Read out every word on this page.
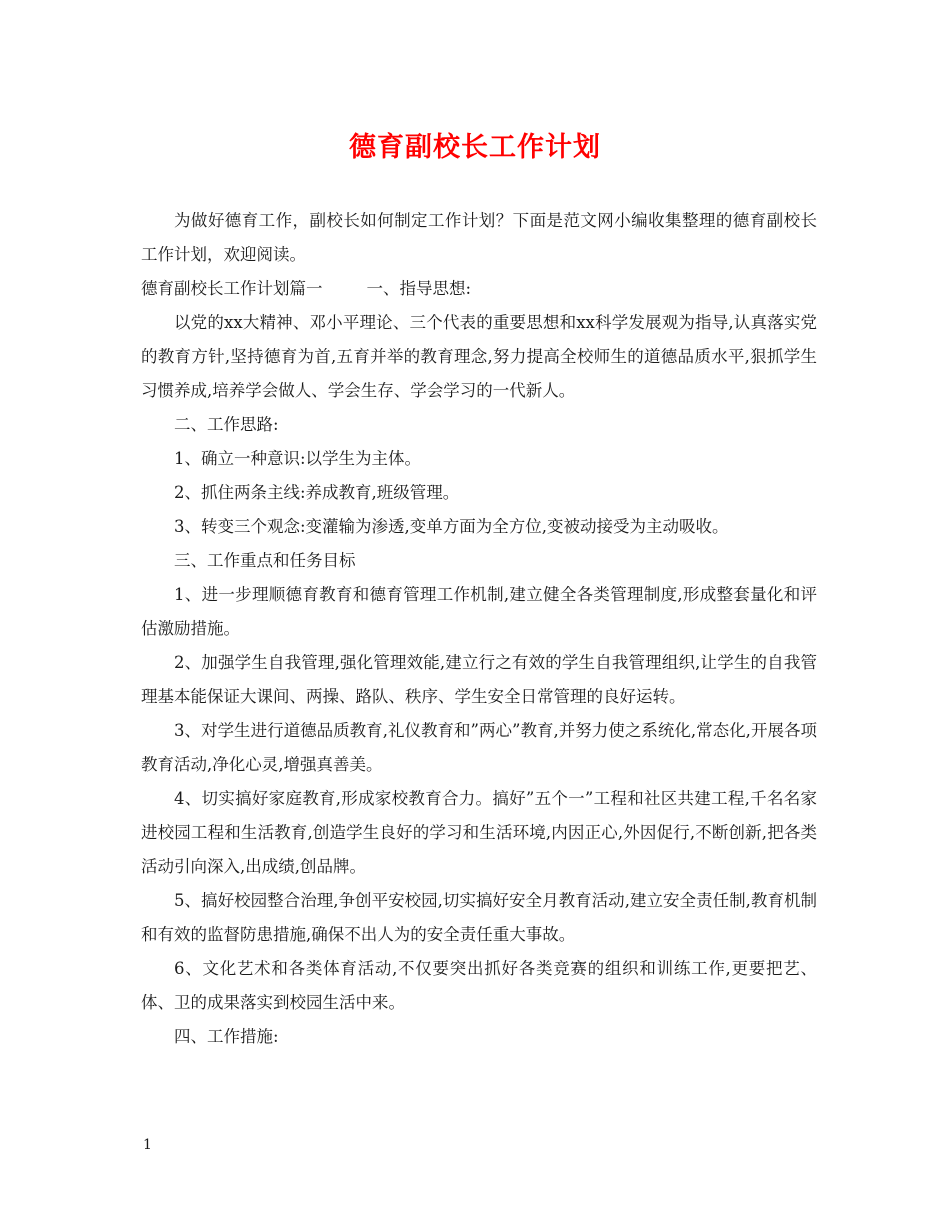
德育副校长工作计划

为做好德育工作，副校长如何制定工作计划？下面是范文网小编收集整理的德育副校长工作计划，欢迎阅读。

德育副校长工作计划篇一	一、指导思想:

以党的xx大精神、邓小平理论、三个代表的重要思想和xx科学发展观为指导,认真落实党的教育方针,坚持德育为首,五育并举的教育理念,努力提高全校师生的道德品质水平,狠抓学生习惯养成,培养学会做人、学会生存、学会学习的一代新人。

二、工作思路:

1、确立一种意识:以学生为主体。

2、抓住两条主线:养成教育,班级管理。

3、转变三个观念:变灌输为渗透,变单方面为全方位,变被动接受为主动吸收。

三、工作重点和任务目标

1、进一步理顺德育教育和德育管理工作机制,建立健全各类管理制度,形成整套量化和评估激励措施。

2、加强学生自我管理,强化管理效能,建立行之有效的学生自我管理组织,让学生的自我管理基本能保证大课间、两操、路队、秩序、学生安全日常管理的良好运转。

3、对学生进行道德品质教育,礼仪教育和”两心”教育,并努力使之系统化,常态化,开展各项教育活动,净化心灵,增强真善美。

4、切实搞好家庭教育,形成家校教育合力。搞好”五个一”工程和社区共建工程,千名名家进校园工程和生活教育,创造学生良好的学习和生活环境,内因正心,外因促行,不断创新,把各类活动引向深入,出成绩,创品牌。

5、搞好校园整合治理,争创平安校园,切实搞好安全月教育活动,建立安全责任制,教育机制和有效的监督防患措施,确保不出人为的安全责任重大事故。

6、文化艺术和各类体育活动,不仅要突出抓好各类竞赛的组织和训练工作,更要把艺、体、卫的成果落实到校园生活中来。

四、工作措施:

1
